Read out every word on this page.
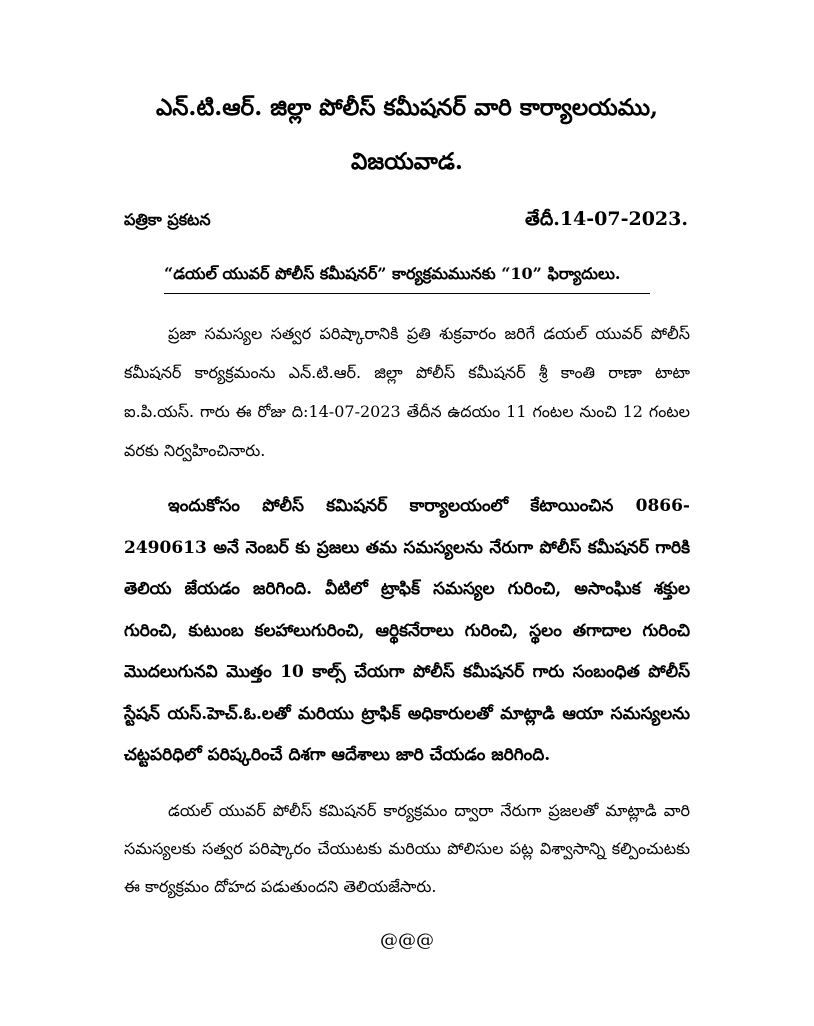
ఎన్.టి.ఆర్. జిల్లా పోలీస్ కమీషనర్ వారి కార్యాలయము,
విజయవాడ.
పత్రికా ప్రకటన	తేదీ.14-07-2023.
“డయల్ యువర్ పోలీస్ కమీషనర్” కార్యక్రమమునకు “10” ఫిర్యాదులు.

ప్రజా సమస్యల సత్వర పరిష్కారానికి ప్రతి శుక్రవారం జరిగే డయల్ యువర్ పోలీస్ కమీషనర్ కార్యక్రమంను ఎన్.టి.ఆర్. జిల్లా పోలీస్ కమీషనర్ శ్రీ కాంతి రాణా టాటా ఐ.పి.యస్. గారు ఈ రోజు ది:14-07-2023 తేదీన ఉదయం 11 గంటల నుంచి 12 గంటల వరకు నిర్వహించినారు.

ఇందుకోసం పోలీస్ కమిషనర్ కార్యాలయంలో కేటాయించిన 0866-2490613 అనే నెంబర్ కు ప్రజలు తమ సమస్యలను నేరుగా పోలీస్ కమీషనర్ గారికి తెలియ జేయడం జరిగింది. వీటిలో ట్రాఫిక్ సమస్యల గురించి, అసాంఘిక శక్తుల గురించి, కుటుంబ కలహాలుగురించి, ఆర్థికనేరాలు గురించి, స్థలం తగాదాల గురించి మొదలుగునవి మొత్తం 10 కాల్స్ చేయగా పోలీస్ కమీషనర్ గారు సంబంధిత పోలీస్ స్టేషన్ యస్.హెచ్.ఓ.లతో మరియు ట్రాఫిక్ అధికారులతో మాట్లాడి ఆయా సమస్యలను చట్టపరిధిలో పరిష్కరించే దిశగా ఆదేశాలు జారి చేయడం జరిగింది.

డయల్ యువర్ పోలీస్ కమిషనర్ కార్యక్రమం ద్వారా నేరుగా ప్రజలతో మాట్లాడి వారి సమస్యలకు సత్వర పరిష్కారం చేయుటకు మరియు పోలిసుల పట్ల విశ్వాసాన్ని కల్పించుటకు ఈ కార్యక్రమం దోహద పడుతుందని తెలియజేసారు.

@@@
